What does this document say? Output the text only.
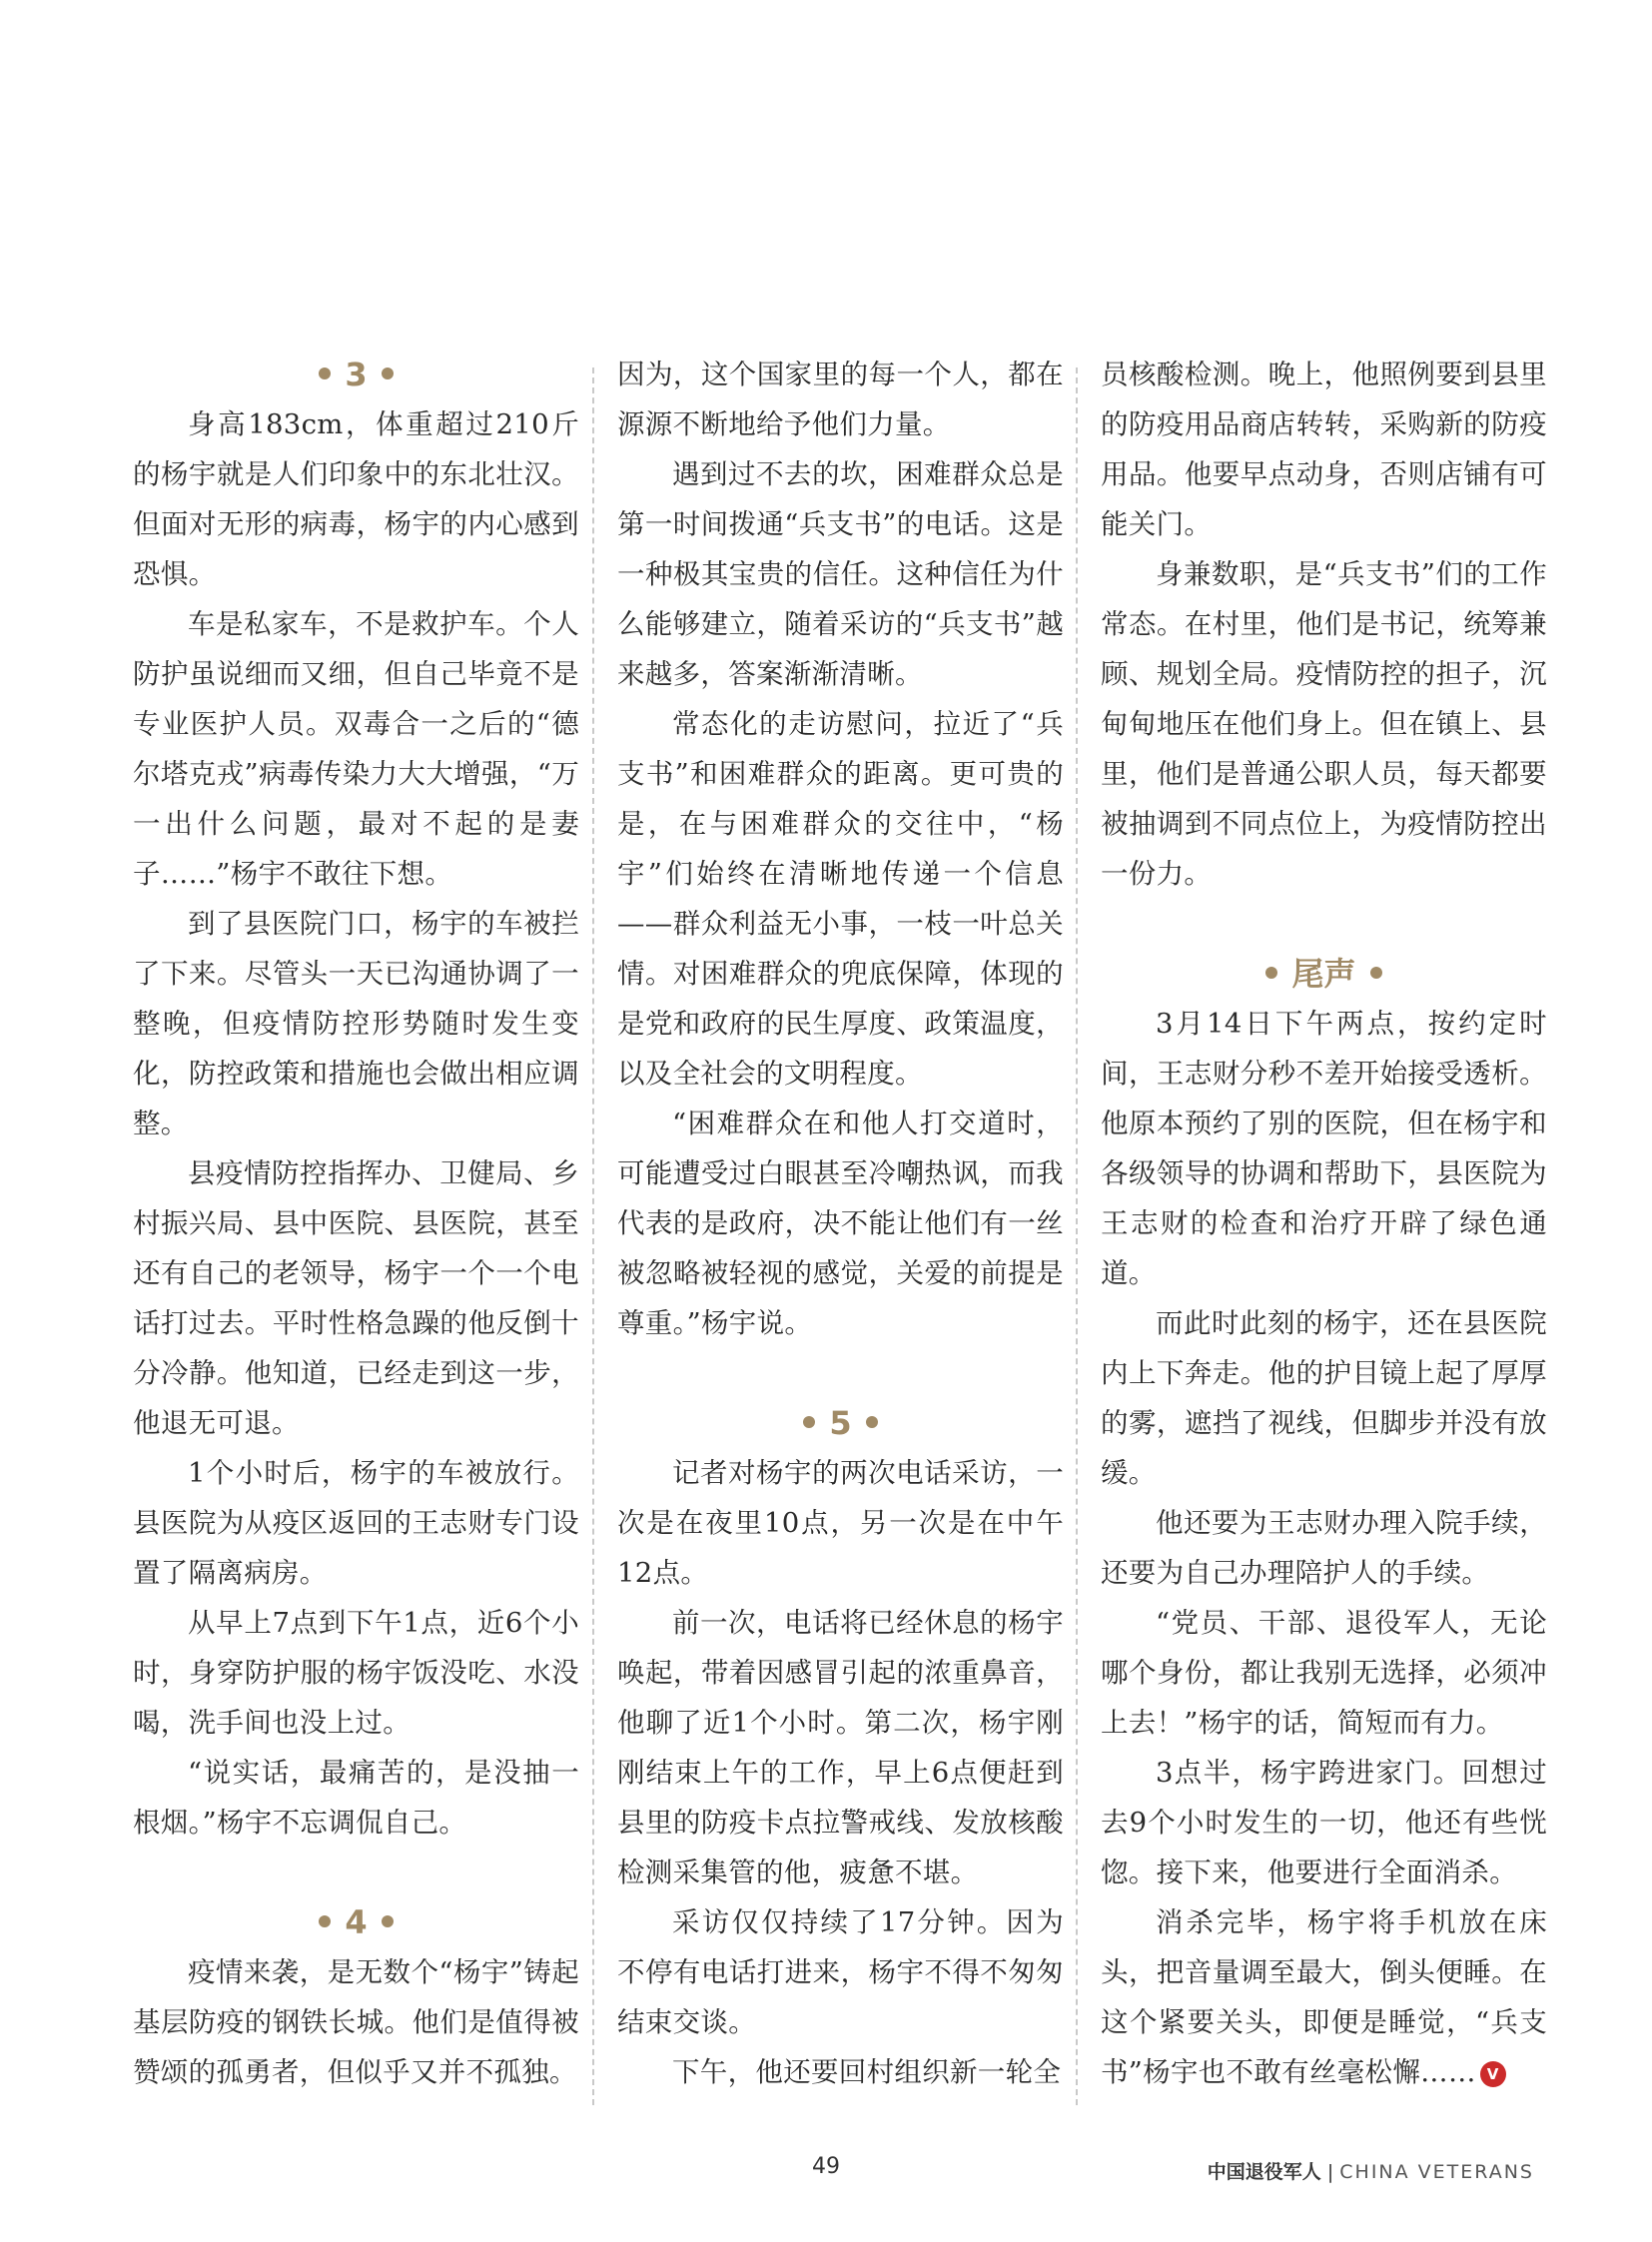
3

身高183cm，体重超过210斤的杨宇就是人们印象中的东北壮汉。但面对无形的病毒，杨宇的内心感到恐惧。

车是私家车，不是救护车。个人防护虽说细而又细，但自己毕竟不是专业医护人员。双毒合一之后的“德尔塔克戎”病毒传染力大大增强，“万一出什么问题，最对不起的是妻子……”杨宇不敢往下想。

到了县医院门口，杨宇的车被拦了下来。尽管头一天已沟通协调了一整晚，但疫情防控形势随时发生变化，防控政策和措施也会做出相应调整。

县疫情防控指挥办、卫健局、乡村振兴局、县中医院、县医院，甚至还有自己的老领导，杨宇一个一个电话打过去。平时性格急躁的他反倒十分冷静。他知道，已经走到这一步，他退无可退。

1个小时后，杨宇的车被放行。县医院为从疫区返回的王志财专门设置了隔离病房。

从早上7点到下午1点，近6个小时，身穿防护服的杨宇饭没吃、水没喝，洗手间也没上过。

“说实话，最痛苦的，是没抽一根烟。”杨宇不忘调侃自己。

4

疫情来袭，是无数个“杨宇”铸起基层防疫的钢铁长城。他们是值得被赞颂的孤勇者，但似乎又并不孤独。

因为，这个国家里的每一个人，都在源源不断地给予他们力量。

遇到过不去的坎，困难群众总是第一时间拨通“兵支书”的电话。这是一种极其宝贵的信任。这种信任为什么能够建立，随着采访的“兵支书”越来越多，答案渐渐清晰。

常态化的走访慰问，拉近了“兵支书”和困难群众的距离。更可贵的是，在与困难群众的交往中，“杨宇”们始终在清晰地传递一个信息——群众利益无小事，一枝一叶总关情。对困难群众的兜底保障，体现的是党和政府的民生厚度、政策温度，以及全社会的文明程度。

“困难群众在和他人打交道时，可能遭受过白眼甚至冷嘲热讽，而我代表的是政府，决不能让他们有一丝被忽略被轻视的感觉，关爱的前提是尊重。”杨宇说。

5

记者对杨宇的两次电话采访，一次是在夜里10点，另一次是在中午12点。

前一次，电话将已经休息的杨宇唤起，带着因感冒引起的浓重鼻音，他聊了近1个小时。第二次，杨宇刚刚结束上午的工作，早上6点便赶到县里的防疫卡点拉警戒线、发放核酸检测采集管的他，疲惫不堪。

采访仅仅持续了17分钟。因为不停有电话打进来，杨宇不得不匆匆结束交谈。

下午，他还要回村组织新一轮全

员核酸检测。晚上，他照例要到县里的防疫用品商店转转，采购新的防疫用品。他要早点动身，否则店铺有可能关门。

身兼数职，是“兵支书”们的工作常态。在村里，他们是书记，统筹兼顾、规划全局。疫情防控的担子，沉甸甸地压在他们身上。但在镇上、县里，他们是普通公职人员，每天都要被抽调到不同点位上，为疫情防控出一份力。

尾声

3月14日下午两点，按约定时间，王志财分秒不差开始接受透析。他原本预约了别的医院，但在杨宇和各级领导的协调和帮助下，县医院为王志财的检查和治疗开辟了绿色通道。

而此时此刻的杨宇，还在县医院内上下奔走。他的护目镜上起了厚厚的雾，遮挡了视线，但脚步并没有放缓。

他还要为王志财办理入院手续，还要为自己办理陪护人的手续。

“党员、干部、退役军人，无论哪个身份，都让我别无选择，必须冲上去！”杨宇的话，简短而有力。

3点半，杨宇跨进家门。回想过去9个小时发生的一切，他还有些恍惚。接下来，他要进行全面消杀。

消杀完毕，杨宇将手机放在床头，把音量调至最大，倒头便睡。在这个紧要关头，即便是睡觉，“兵支书”杨宇也不敢有丝毫松懈…… V

49	中国退役军人 | CHINA VETERANS
